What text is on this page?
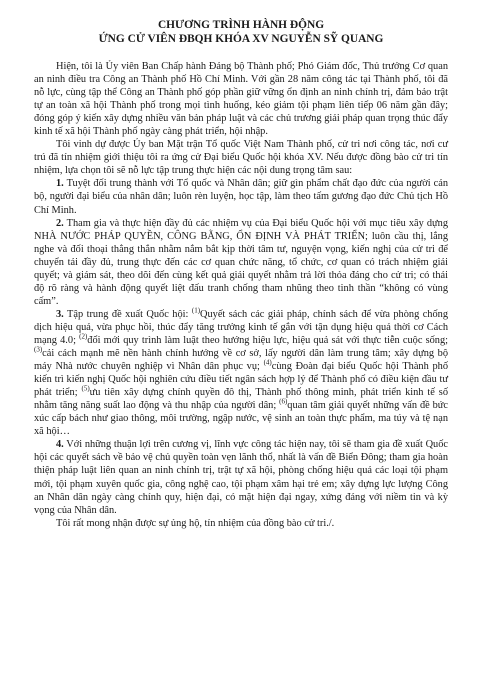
CHƯƠNG TRÌNH HÀNH ĐỘNG

ỨNG CỬ VIÊN ĐBQH KHÓA XV NGUYỄN SỸ QUANG

Hiện, tôi là Ủy viên Ban Chấp hành Đảng bộ Thành phố; Phó Giám đốc, Thủ trưởng Cơ quan an ninh điều tra Công an Thành phố Hồ Chí Minh. Với gần 28 năm công tác tại Thành phố, tôi đã nỗ lực, cùng tập thể Công an Thành phố góp phần giữ vững ổn định an ninh chính trị, đảm bảo trật tự an toàn xã hội Thành phố trong mọi tình huống, kéo giảm tội phạm liên tiếp 06 năm gần đây; đóng góp ý kiến xây dựng nhiều văn bản pháp luật và các chủ trương giải pháp quan trọng thúc đẩy kinh tế xã hội Thành phố ngày càng phát triển, hội nhập.

Tôi vinh dự được Ủy ban Mặt trận Tổ quốc Việt Nam Thành phố, cử tri nơi công tác, nơi cư trú đã tín nhiệm giới thiệu tôi ra ứng cử Đại biểu Quốc hội khóa XV. Nếu được đồng bào cử tri tín nhiệm, lựa chọn tôi sẽ nỗ lực tập trung thực hiện các nội dung trọng tâm sau:

1. Tuyệt đối trung thành với Tổ quốc và Nhân dân; giữ gìn phẩm chất đạo đức của người cán bộ, người đại biểu của nhân dân; luôn rèn luyện, học tập, làm theo tấm gương đạo đức Chủ tịch Hồ Chí Minh.

2. Tham gia và thực hiện đầy đủ các nhiệm vụ của Đại biểu Quốc hội với mục tiêu xây dựng NHÀ NƯỚC PHÁP QUYỀN, CÔNG BẰNG, ỔN ĐỊNH VÀ PHÁT TRIỂN; luôn cầu thị, lắng nghe và đối thoại thẳng thắn nhằm nắm bắt kịp thời tâm tư, nguyện vọng, kiến nghị của cử tri để chuyển tải đầy đủ, trung thực đến các cơ quan chức năng, tổ chức, cơ quan có trách nhiệm giải quyết; và giám sát, theo dõi đến cùng kết quả giải quyết nhằm trả lời thỏa đáng cho cử tri; có thái độ rõ ràng và hành động quyết liệt đấu tranh chống tham nhũng theo tinh thần “không có vùng cấm”.

3. Tập trung đề xuất Quốc hội: $^{(1)}$Quyết sách các giải pháp, chính sách để vừa phòng chống dịch hiệu quả, vừa phục hồi, thúc đẩy tăng trưởng kinh tế gắn với tận dụng hiệu quả thời cơ Cách mạng 4.0; $^{(2)}$đổi mới quy trình làm luật theo hướng hiệu lực, hiệu quả sát với thực tiễn cuộc sống; $^{(3)}$cải cách mạnh mẽ nền hành chính hướng về cơ sở, lấy người dân làm trung tâm; xây dựng bộ máy Nhà nước chuyên nghiệp vì Nhân dân phục vụ; $^{(4)}$cùng Đoàn đại biểu Quốc hội Thành phố kiến trì kiến nghị Quốc hội nghiên cứu điều tiết ngân sách hợp lý để Thành phố có điều kiện đầu tư phát triển; $^{(5)}$ưu tiên xây dựng chính quyền đô thị, Thành phố thông minh, phát triển kinh tế số nhằm tăng năng suất lao động và thu nhập của người dân; $^{(6)}$quan tâm giải quyết những vấn đề bức xúc cấp bách như giao thông, môi trường, ngập nước, vệ sinh an toàn thực phẩm, ma túy và tệ nạn xã hội…

4. Với những thuận lợi trên cương vị, lĩnh vực công tác hiện nay, tôi sẽ tham gia đề xuất Quốc hội các quyết sách về bảo vệ chủ quyền toàn vẹn lãnh thổ, nhất là vấn đề Biển Đông; tham gia hoàn thiện pháp luật liên quan an ninh chính trị, trật tự xã hội, phòng chống hiệu quả các loại tội phạm mới, tội phạm xuyên quốc gia, công nghệ cao, tội phạm xâm hại trẻ em; xây dựng lực lượng Công an Nhân dân ngày càng chính quy, hiện đại, có mặt hiện đại ngay, xứng đáng với niềm tin và kỳ vọng của Nhân dân.

Tôi rất mong nhận được sự ủng hộ, tín nhiệm của đồng bào cử tri./.
